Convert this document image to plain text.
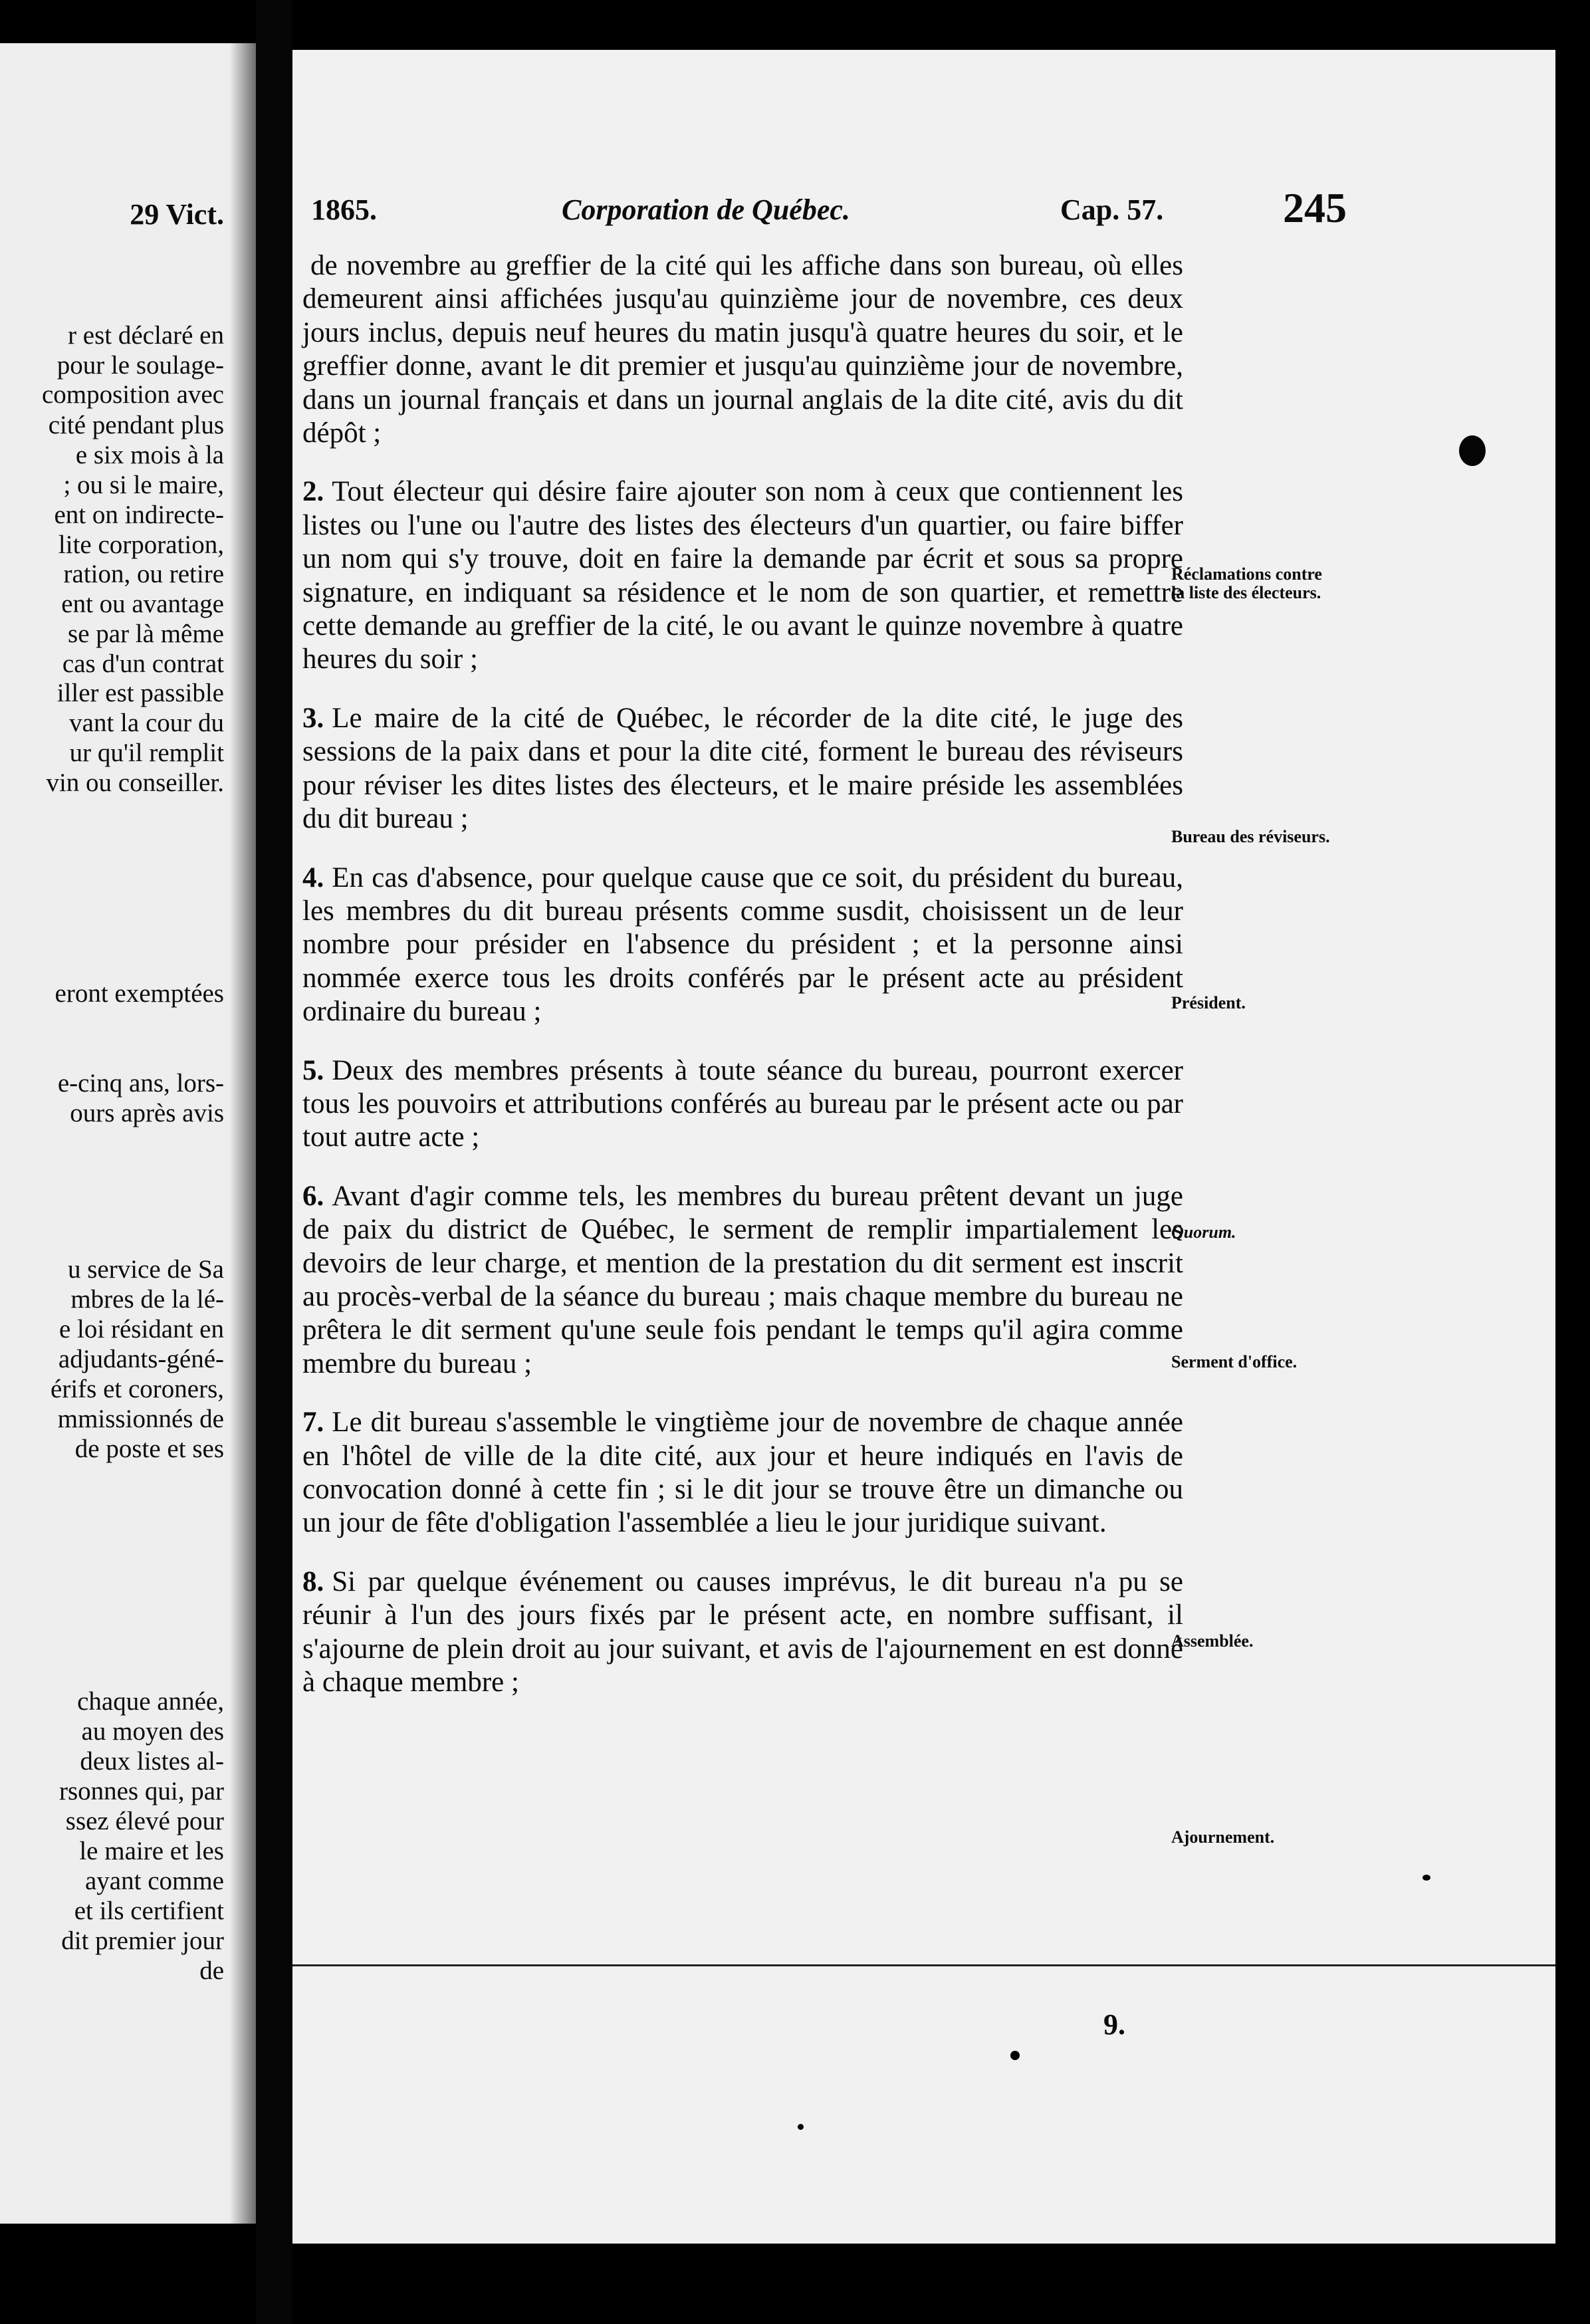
29 Vict.
r est déclaré en
pour le soulage-
composition avec
cité pendant plus
e six mois à la
; ou si le maire,
ent on indirecte-
lite corporation,
ration, ou retire
ent ou avantage
se par là même
cas d'un contrat
iller est passible
vant la cour du
ur qu'il remplit
vin ou conseiller.
eront exemptées
e-cinq ans, lors-
ours après avis
u service de Sa
mbres de la lé-
e loi résidant en
adjudants-géné-
érifs et coroners,
mmissionnés de
de poste et ses
chaque année,
au moyen des
deux listes al-
rsonnes qui, par
ssez élevé pour
le maire et les
ayant comme
et ils certifient
dit premier jour
de
1865.	Corporation de Québec.	Cap. 57.	245

de novembre au greffier de la cité qui les affiche dans son bureau, où elles demeurent ainsi affichées jusqu'au quinzième jour de novembre, ces deux jours inclus, depuis neuf heures du matin jusqu'à quatre heures du soir, et le greffier donne, avant le dit premier et jusqu'au quinzième jour de novembre, dans un journal français et dans un journal anglais de la dite cité, avis du dit dépôt ;

2. Tout électeur qui désire faire ajouter son nom à ceux que contiennent les listes ou l'une ou l'autre des listes des électeurs d'un quartier, ou faire biffer un nom qui s'y trouve, doit en faire la demande par écrit et sous sa propre signature, en indiquant sa résidence et le nom de son quartier, et remettre cette demande au greffier de la cité, le ou avant le quinze novembre à quatre heures du soir ;

3. Le maire de la cité de Québec, le récorder de la dite cité, le juge des sessions de la paix dans et pour la dite cité, forment le bureau des réviseurs pour réviser les dites listes des électeurs, et le maire préside les assemblées du dit bureau ;

4. En cas d'absence, pour quelque cause que ce soit, du président du bureau, les membres du dit bureau présents comme susdit, choisissent un de leur nombre pour présider en l'absence du président ; et la personne ainsi nommée exerce tous les droits conférés par le présent acte au président ordinaire du bureau ;

5. Deux des membres présents à toute séance du bureau, pourront exercer tous les pouvoirs et attributions conférés au bureau par le présent acte ou par tout autre acte ;

6. Avant d'agir comme tels, les membres du bureau prêtent devant un juge de paix du district de Québec, le serment de remplir impartialement les devoirs de leur charge, et mention de la prestation du dit serment est inscrit au procès-verbal de la séance du bureau ; mais chaque membre du bureau ne prêtera le dit serment qu'une seule fois pendant le temps qu'il agira comme membre du bureau ;

7. Le dit bureau s'assemble le vingtième jour de novembre de chaque année en l'hôtel de ville de la dite cité, aux jour et heure indiqués en l'avis de convocation donné à cette fin ; si le dit jour se trouve être un dimanche ou un jour de fête d'obligation l'assemblée a lieu le jour juridique suivant.

8. Si par quelque événement ou causes imprévus, le dit bureau n'a pu se réunir à l'un des jours fixés par le présent acte, en nombre suffisant, il s'ajourne de plein droit au jour suivant, et avis de l'ajournement en est donné à chaque membre ;

Réclamations contre la liste des électeurs.
Bureau des réviseurs.
Président.
Quorum.
Serment d'office.
Assemblée.
Ajournement.
9.
